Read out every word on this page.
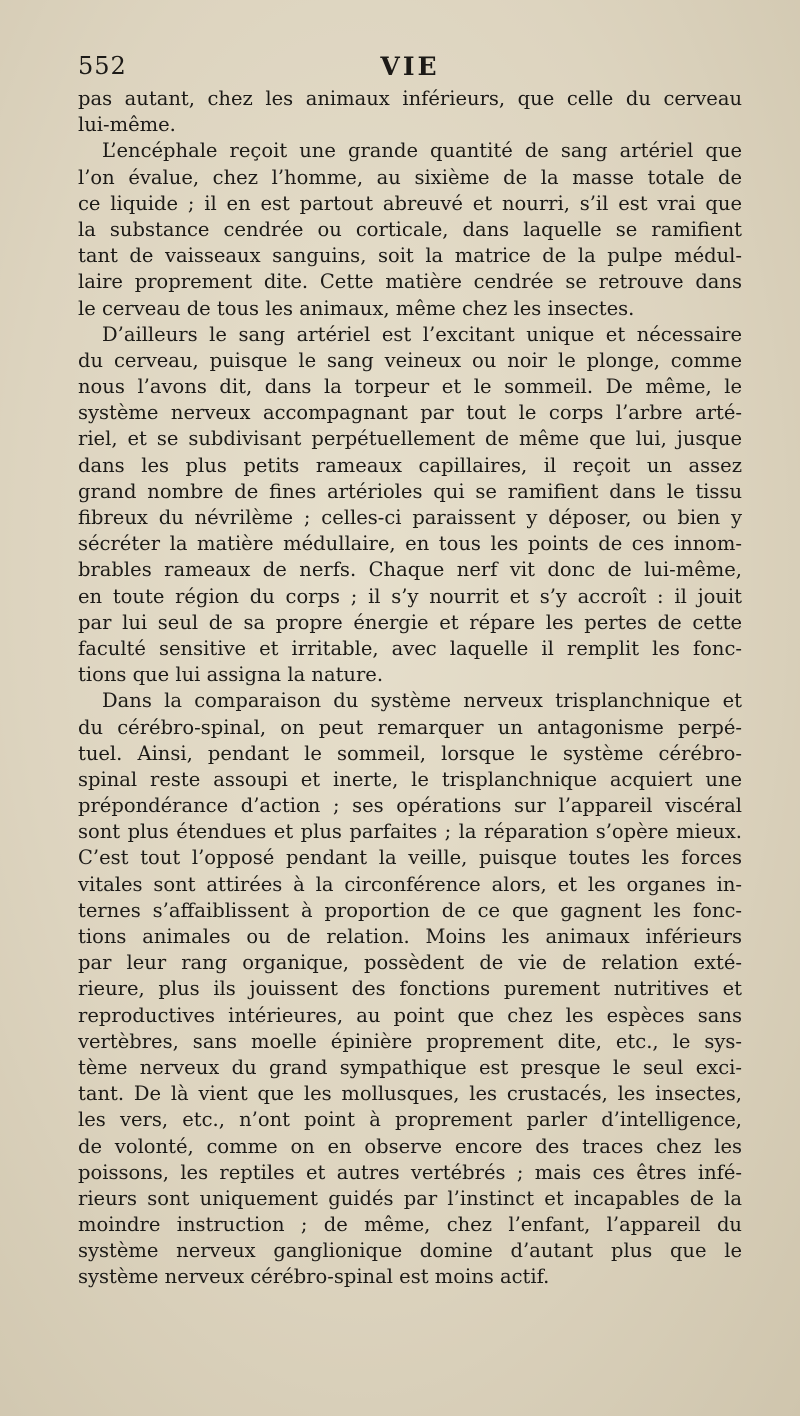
552	VIE
pas autant, chez les animaux inférieurs, que celle du cerveau
lui-même.
L’encéphale reçoit une grande quantité de sang artériel que
l’on évalue, chez l’homme, au sixième de la masse totale de
ce liquide ; il en est partout abreuvé et nourri, s’il est vrai que
la substance cendrée ou corticale, dans laquelle se ramifient
tant de vaisseaux sanguins, soit la matrice de la pulpe médul-
laire proprement dite. Cette matière cendrée se retrouve dans
le cerveau de tous les animaux, même chez les insectes.
D’ailleurs le sang artériel est l’excitant unique et nécessaire
du cerveau, puisque le sang veineux ou noir le plonge, comme
nous l’avons dit, dans la torpeur et le sommeil. De même, le
système nerveux accompagnant par tout le corps l’arbre arté-
riel, et se subdivisant perpétuellement de même que lui, jusque
dans les plus petits rameaux capillaires, il reçoit un assez
grand nombre de fines artérioles qui se ramifient dans le tissu
fibreux du névrilème ; celles-ci paraissent y déposer, ou bien y
sécréter la matière médullaire, en tous les points de ces innom-
brables rameaux de nerfs. Chaque nerf vit donc de lui-même,
en toute région du corps ; il s’y nourrit et s’y accroît : il jouit
par lui seul de sa propre énergie et répare les pertes de cette
faculté sensitive et irritable, avec laquelle il remplit les fonc-
tions que lui assigna la nature.
Dans la comparaison du système nerveux trisplanchnique et
du cérébro-spinal, on peut remarquer un antagonisme perpé-
tuel. Ainsi, pendant le sommeil, lorsque le système cérébro-
spinal reste assoupi et inerte, le trisplanchnique acquiert une
prépondérance d’action ; ses opérations sur l’appareil viscéral
sont plus étendues et plus parfaites ; la réparation s’opère mieux.
C’est tout l’opposé pendant la veille, puisque toutes les forces
vitales sont attirées à la circonférence alors, et les organes in-
ternes s’affaiblissent à proportion de ce que gagnent les fonc-
tions animales ou de relation. Moins les animaux inférieurs
par leur rang organique, possèdent de vie de relation exté-
rieure, plus ils jouissent des fonctions purement nutritives et
reproductives intérieures, au point que chez les espèces sans
vertèbres, sans moelle épinière proprement dite, etc., le sys-
tème nerveux du grand sympathique est presque le seul exci-
tant. De là vient que les mollusques, les crustacés, les insectes,
les vers, etc., n’ont point à proprement parler d’intelligence,
de volonté, comme on en observe encore des traces chez les
poissons, les reptiles et autres vertébrés ; mais ces êtres infé-
rieurs sont uniquement guidés par l’instinct et incapables de la
moindre instruction ; de même, chez l’enfant, l’appareil du
système nerveux ganglionique domine d’autant plus que le
système nerveux cérébro-spinal est moins actif.
